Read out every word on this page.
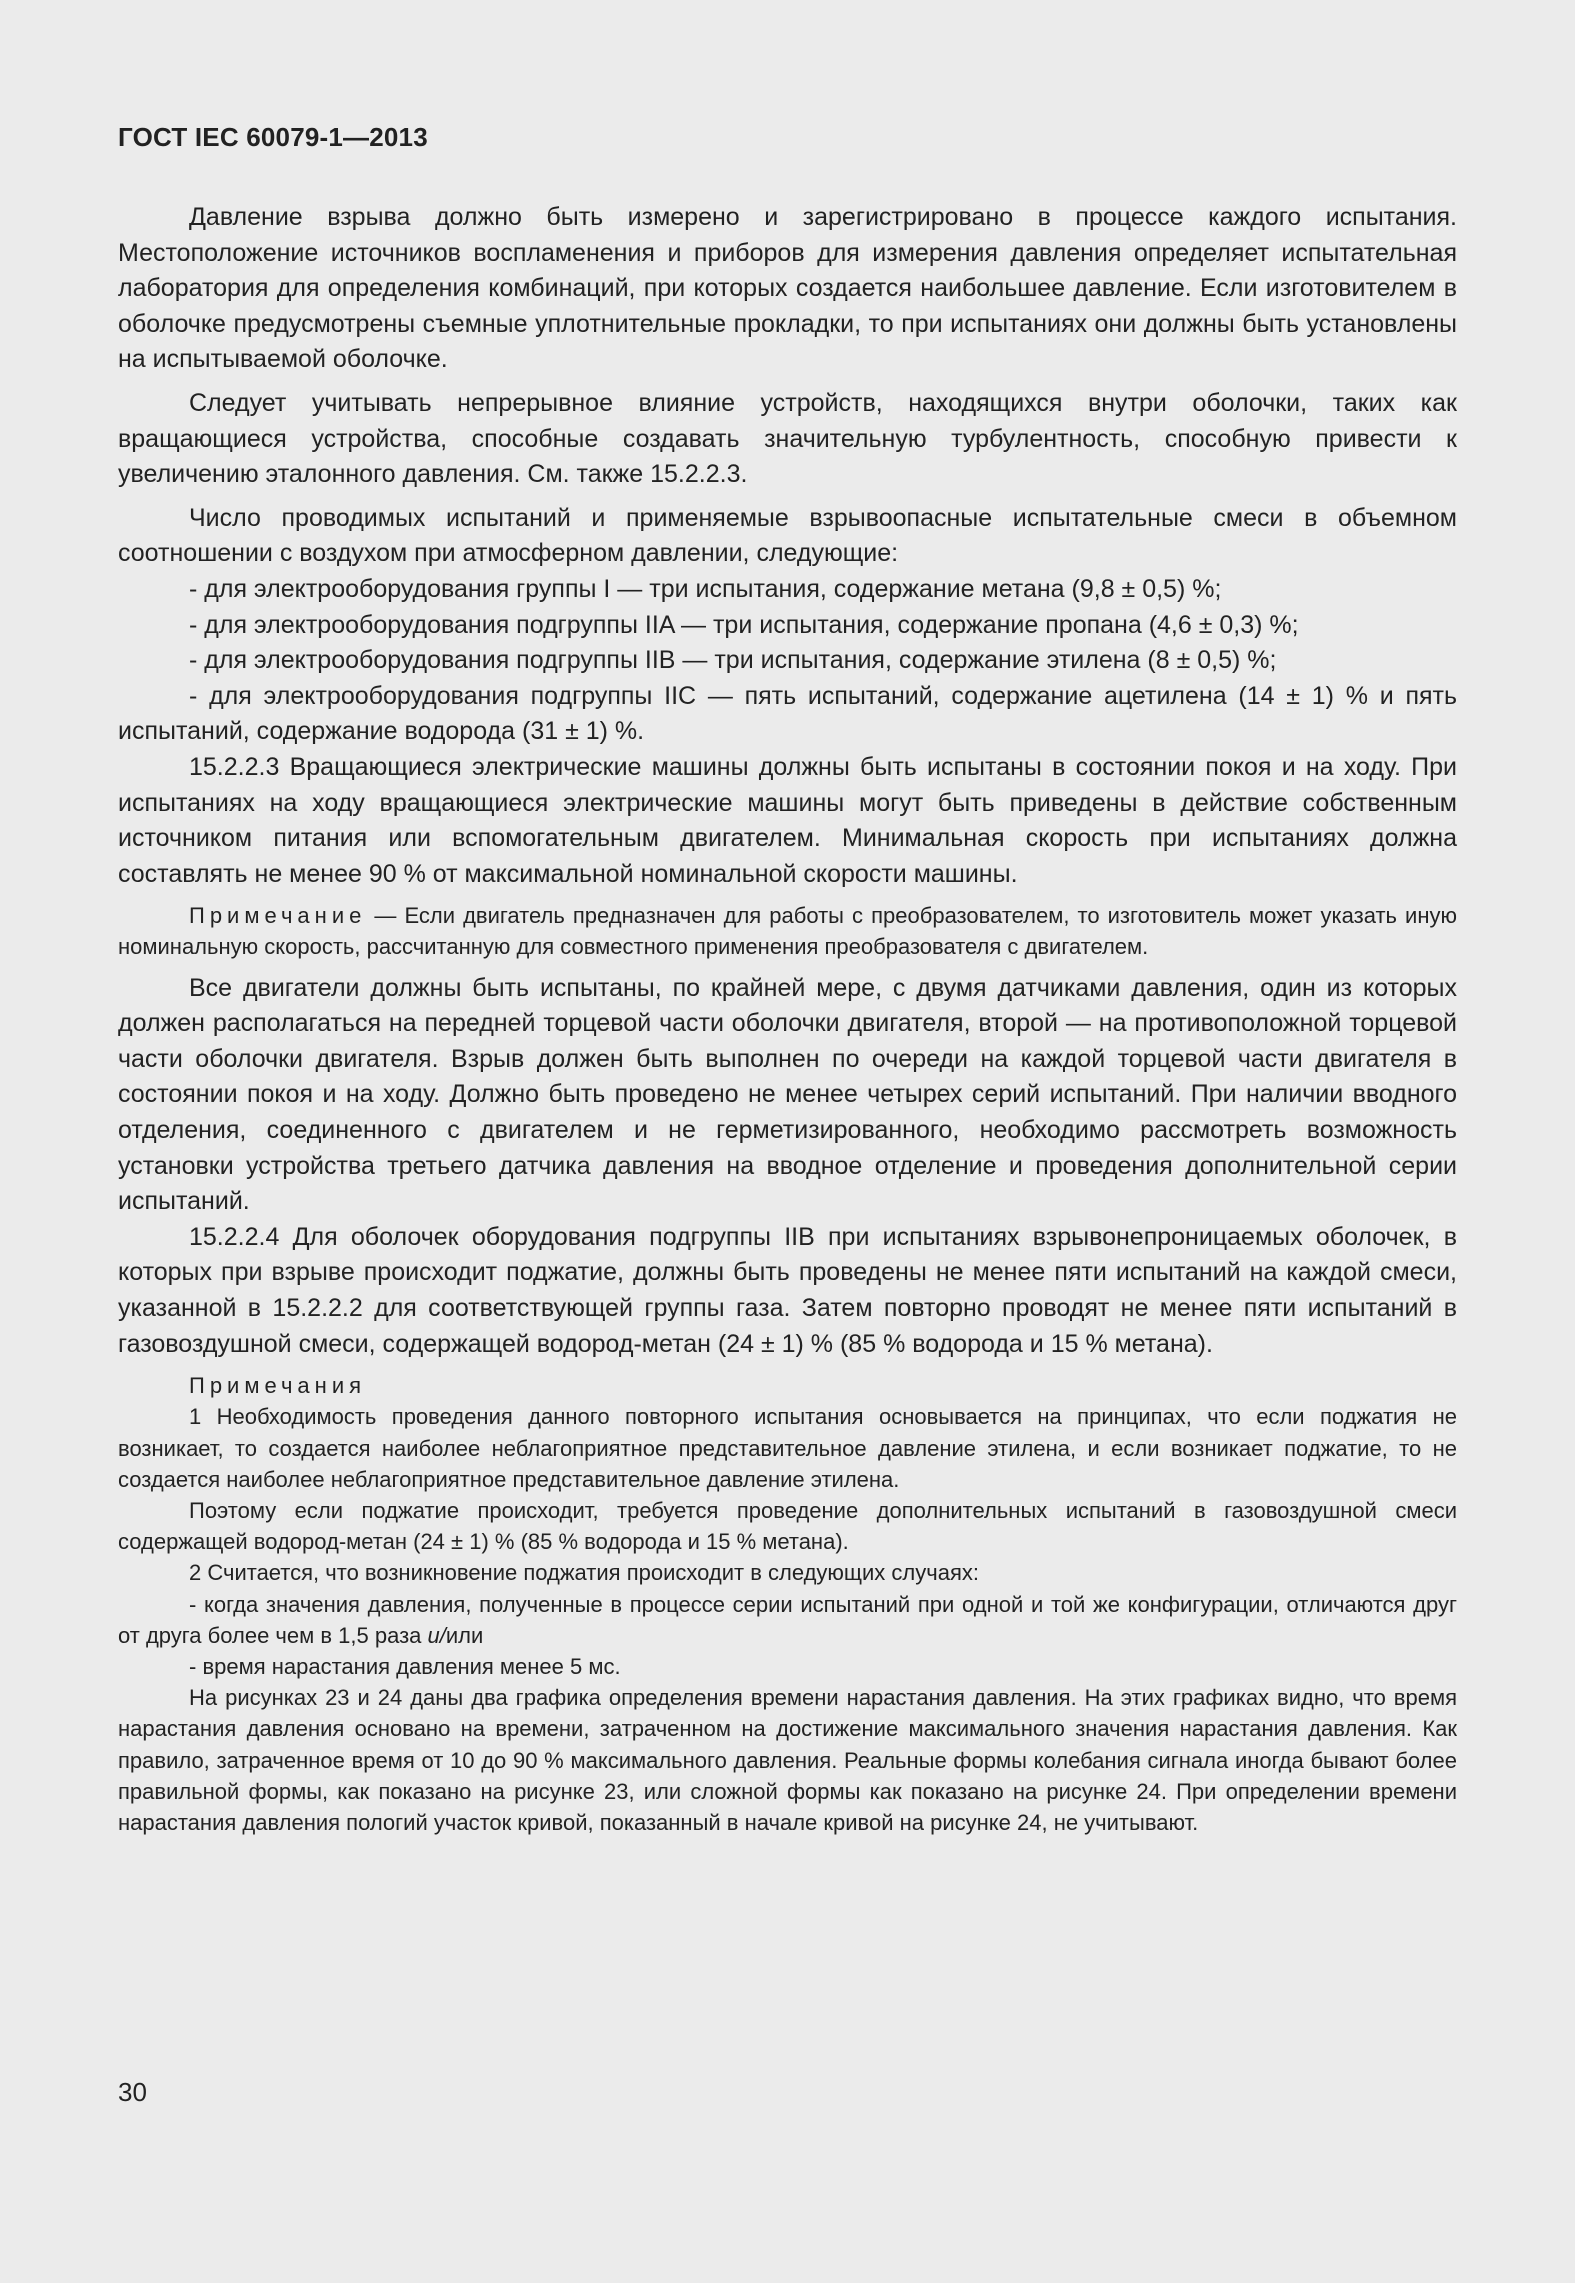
ГОСТ IEC 60079-1—2013

Давление взрыва должно быть измерено и зарегистрировано в процессе каждого испытания. Местоположение источников воспламенения и приборов для измерения давления определяет испытательная лаборатория для определения комбинаций, при которых создается наибольшее давление. Если изготовителем в оболочке предусмотрены съемные уплотнительные прокладки, то при испытаниях они должны быть установлены на испытываемой оболочке.

Следует учитывать непрерывное влияние устройств, находящихся внутри оболочки, таких как вращающиеся устройства, способные создавать значительную турбулентность, способную привести к увеличению эталонного давления. См. также 15.2.2.3.

Число проводимых испытаний и применяемые взрывоопасные испытательные смеси в объемном соотношении с воздухом при атмосферном давлении, следующие:

- для электрооборудования группы I — три испытания, содержание метана (9,8 ± 0,5) %;

- для электрооборудования подгруппы IIA — три испытания, содержание пропана (4,6 ± 0,3) %;

- для электрооборудования подгруппы IIB — три испытания, содержание этилена (8 ± 0,5) %;

- для электрооборудования подгруппы IIC — пять испытаний, содержание ацетилена (14 ± 1) % и пять испытаний, содержание водорода (31 ± 1) %.

15.2.2.3 Вращающиеся электрические машины должны быть испытаны в состоянии покоя и на ходу. При испытаниях на ходу вращающиеся электрические машины могут быть приведены в действие собственным источником питания или вспомогательным двигателем. Минимальная скорость при испытаниях должна составлять не менее 90 % от максимальной номинальной скорости машины.

Примечание — Если двигатель предназначен для работы с преобразователем, то изготовитель может указать иную номинальную скорость, рассчитанную для совместного применения преобразователя с двигателем.

Все двигатели должны быть испытаны, по крайней мере, с двумя датчиками давления, один из которых должен располагаться на передней торцевой части оболочки двигателя, второй — на противоположной торцевой части оболочки двигателя. Взрыв должен быть выполнен по очереди на каждой торцевой части двигателя в состоянии покоя и на ходу. Должно быть проведено не менее четырех серий испытаний. При наличии вводного отделения, соединенного с двигателем и не герметизированного, необходимо рассмотреть возможность установки устройства третьего датчика давления на вводное отделение и проведения дополнительной серии испытаний.

15.2.2.4 Для оболочек оборудования подгруппы IIB при испытаниях взрывонепроницаемых оболочек, в которых при взрыве происходит поджатие, должны быть проведены не менее пяти испытаний на каждой смеси, указанной в 15.2.2.2 для соответствующей группы газа. Затем повторно проводят не менее пяти испытаний в газовоздушной смеси, содержащей водород-метан (24 ± 1) % (85 % водорода и 15 % метана).

Примечания

1 Необходимость проведения данного повторного испытания основывается на принципах, что если поджатия не возникает, то создается наиболее неблагоприятное представительное давление этилена, и если возникает поджатие, то не создается наиболее неблагоприятное представительное давление этилена.

Поэтому если поджатие происходит, требуется проведение дополнительных испытаний в газовоздушной смеси содержащей водород-метан (24 ± 1) % (85 % водорода и 15 % метана).

2 Считается, что возникновение поджатия происходит в следующих случаях:

- когда значения давления, полученные в процессе серии испытаний при одной и той же конфигурации, отличаются друг от друга более чем в 1,5 раза и/или

- время нарастания давления менее 5 мс.

На рисунках 23 и 24 даны два графика определения времени нарастания давления. На этих графиках видно, что время нарастания давления основано на времени, затраченном на достижение максимального значения нарастания давления. Как правило, затраченное время от 10 до 90 % максимального давления. Реальные формы колебания сигнала иногда бывают более правильной формы, как показано на рисунке 23, или сложной формы как показано на рисунке 24. При определении времени нарастания давления пологий участок кривой, показанный в начале кривой на рисунке 24, не учитывают.

30
